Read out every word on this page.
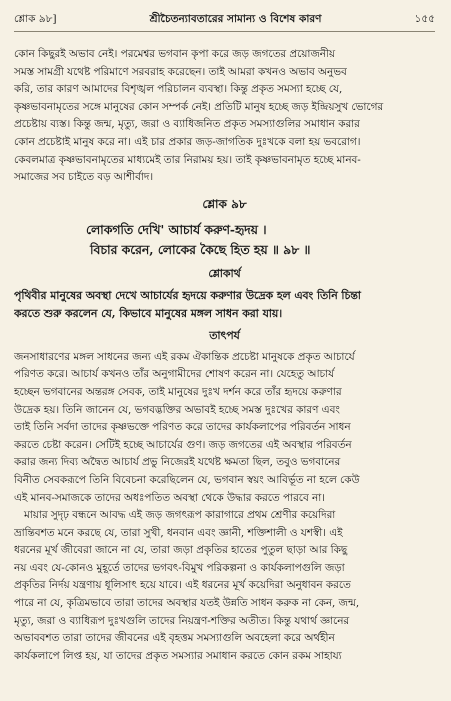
শ্লোক ৯৮]	শ্রীচৈতন্যাবতারের সামান্য ও বিশেষ কারণ	১৫৫

কোন কিছুরই অভাব নেই। পরমেশ্বর ভগবান কৃপা করে জড় জগতের প্রয়োজনীয়
সমস্ত সামগ্রী যথেষ্ট পরিমাণে সরবরাহ করেছেন। তাই আমরা কখনও অভাব অনুভব
করি, তার কারণ আমাদের বিশৃঙ্খল পরিচালন ব্যবস্থা। কিন্তু প্রকৃত সমস্যা হচ্ছে যে,
কৃষ্ণভাবনামৃতের সঙ্গে মানুষের কোন সম্পর্ক নেই। প্রতিটি মানুষ হচ্ছে জড় ইন্দ্রিয়সুখ ভোগের
প্রচেষ্টায় ব্যস্ত। কিন্তু জন্ম, মৃত্যু, জরা ও ব্যাধিজনিত প্রকৃত সমস্যাগুলির সমাধান করার
কোন প্রচেষ্টাই মানুষ করে না। এই চার প্রকার জড়-জাগতিক দুঃখকে বলা হয় ভবরোগ।
কেবলমাত্র কৃষ্ণভাবনামৃতের মাধ্যমেই তার নিরাময় হয়। তাই কৃষ্ণভাবনামৃত হচ্ছে মানব-
সমাজের সব চাইতে বড় আশীর্বাদ।

শ্লোক ৯৮
লোকগতি দেখি' আচার্য করুণ-হৃদয় ।
বিচার করেন, লোকের কৈছে হিত হয় ॥ ৯৮ ॥
শ্লোকার্থ
পৃথিবীর মানুষের অবস্থা দেখে আচার্যের হৃদয়ে করুণার উদ্রেক হল এবং তিনি চিন্তা
করতে শুরু করলেন যে, কিভাবে মানুষের মঙ্গল সাধন করা যায়।
তাৎপর্য

জনসাধারণের মঙ্গল সাধনের জন্য এই রকম ঐকান্তিক প্রচেষ্টা মানুষকে প্রকৃত আচার্যে
পরিণত করে। আচার্য কখনও তাঁর অনুগামীদের শোষণ করেন না। যেহেতু আচার্য
হচ্ছেন ভগবানের অন্তরঙ্গ সেবক, তাই মানুষের দুঃখ দর্শন করে তাঁর হৃদয়ে করুণার
উদ্রেক হয়। তিনি জানেন যে, ভগবদ্ভক্তির অভাবই হচ্ছে সমস্ত দুঃখের কারণ এবং
তাই তিনি সর্বদা তাদের কৃষ্ণভক্তে পরিণত করে তাদের কার্যকলাপের পরিবর্তন সাধন
করতে চেষ্টা করেন। সেটিই হচ্ছে আচার্যের গুণ। জড় জগতের এই অবস্থার পরিবর্তন
করার জন্য দিব্য অদ্বৈত আচার্য প্রভু নিজেরই যথেষ্ট ক্ষমতা ছিল, তবুও ভগবানের
বিনীত সেবকরূপে তিনি বিবেচনা করেছিলেন যে, ভগবান স্বয়ং আবির্ভূত না হলে কেউ
এই মানব-সমাজকে তাদের অধঃপতিত অবস্থা থেকে উদ্ধার করতে পারবে না।

মায়ার সুদৃঢ় বন্ধনে আবদ্ধ এই জড় জগৎরূপ কারাগারে প্রথম শ্রেণীর কয়েদিরা
ভ্রান্তিবশত মনে করছে যে, তারা সুখী, ধনবান এবং জ্ঞানী, শক্তিশালী ও যশস্বী। এই
ধরনের মূর্খ জীবেরা জানে না যে, তারা জড়া প্রকৃতির হাতের পুতুল ছাড়া আর কিছু
নয় এবং যে-কোনও মুহূর্তে তাদের ভগবৎ-বিমুখ পরিকল্পনা ও কার্যকলাপগুলি জড়া
প্রকৃতির নির্দয় যন্ত্রণায় ধূলিসাৎ হয়ে যাবে। এই ধরনের মূর্খ কয়েদিরা অনুধাবন করতে
পারে না যে, কৃত্রিমভাবে তারা তাদের অবস্থার যতই উন্নতি সাধন করুক না কেন, জন্ম,
মৃত্যু, জরা ও ব্যাধিরূপ দুঃখগুলি তাদের নিয়ন্ত্রণ-শক্তির অতীত। কিন্তু যথার্থ জ্ঞানের
অভাববশত তারা তাদের জীবনের এই বৃহত্তম সমস্যাগুলি অবহেলা করে অর্থহীন
কার্যকলাপে লিপ্ত হয়, যা তাদের প্রকৃত সমস্যার সমাধান করতে কোন রকম সাহায্য
